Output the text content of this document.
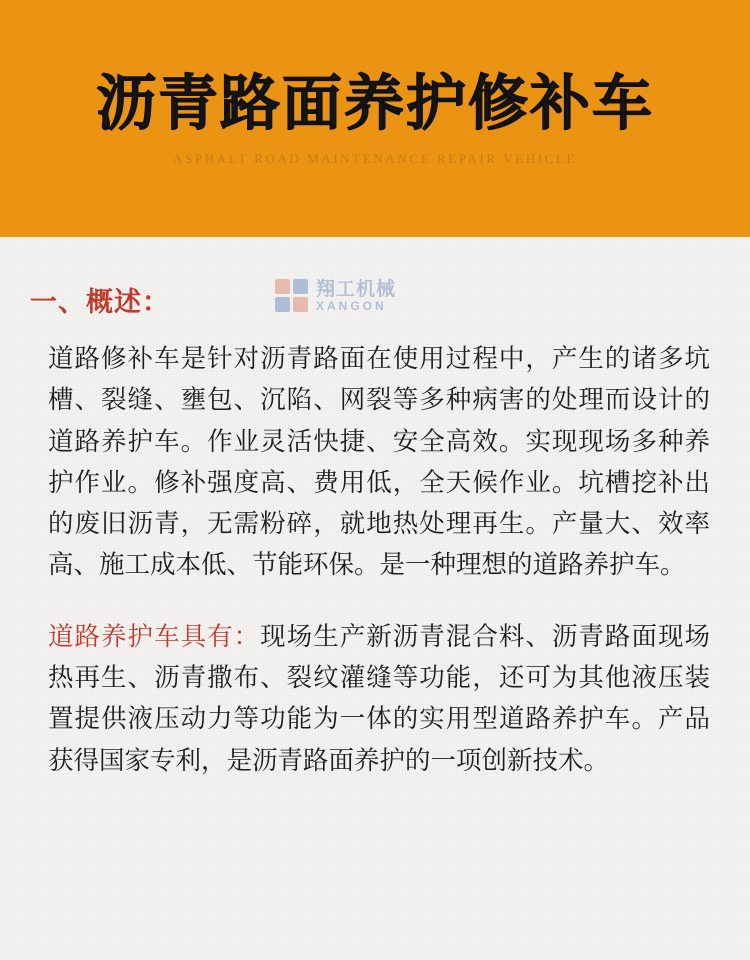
沥青路面养护修补车
ASPHALT ROAD MAINTENANCE REPAIR VEHICLE
一、概述：	翔工机械
XANGON

道路修补车是针对沥青路面在使用过程中，产生的诸多坑槽、裂缝、壅包、沉陷、网裂等多种病害的处理而设计的道路养护车。作业灵活快捷、安全高效。实现现场多种养护作业。修补强度高、费用低，全天候作业。坑槽挖补出的废旧沥青，无需粉碎，就地热处理再生。产量大、效率高、施工成本低、节能环保。是一种理想的道路养护车。

道路养护车具有：现场生产新沥青混合料、沥青路面现场热再生、沥青撒布、裂纹灌缝等功能，还可为其他液压装置提供液压动力等功能为一体的实用型道路养护车。产品获得国家专利，是沥青路面养护的一项创新技术。
